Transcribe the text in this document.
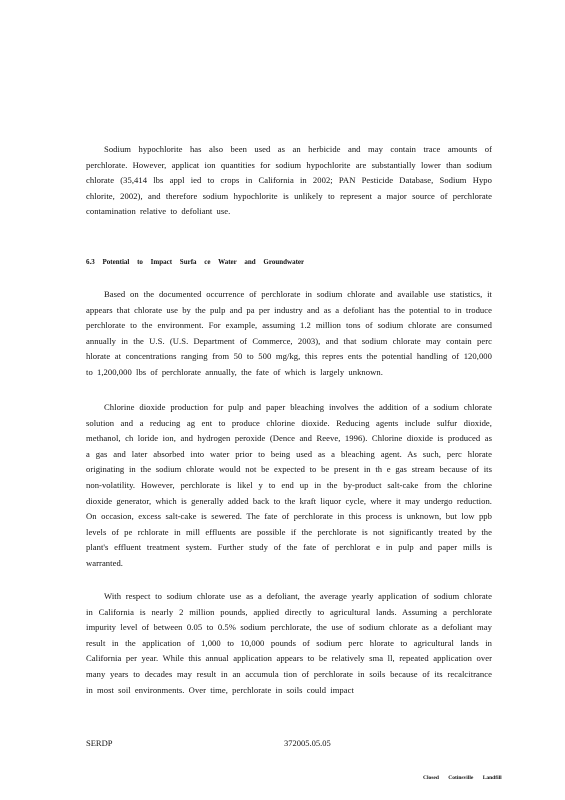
Sodium hypochlorite has also been used as an herbicide and may contain trace amounts of perchlorate. However, applicat ion quantities for sodium hypochlorite are substantially lower than sodium chlorate (35,414 lbs appl ied to crops in California in 2002; PAN Pesticide Database, Sodium Hypo chlorite, 2002), and therefore sodium hypochlorite is unlikely to represent a major source of perchlorate contamination relative to defoliant use.

6.3 Potential to Impact Surfa ce Water and Groundwater

Based on the documented occurrence of perchlorate in sodium chlorate and available use statistics, it appears that chlorate use by the pulp and pa per industry and as a defoliant has the potential to in troduce perchlorate to the environment. For example, assuming 1.2 million tons of sodium chlorate are consumed annually in the U.S. (U.S. Department of Commerce, 2003), and that sodium chlorate may contain perc hlorate at concentrations ranging from 50 to 500 mg/kg, this repres ents the potential handling of 120,000 to 1,200,000 lbs of perchlorate annually, the fate of which is largely unknown.

Chlorine dioxide production for pulp and paper bleaching involves the addition of a sodium chlorate solution and a reducing ag ent to produce chlorine dioxide. Reducing agents include sulfur dioxide, methanol, ch loride ion, and hydrogen peroxide (Dence and Reeve, 1996). Chlorine dioxide is produced as a gas and later absorbed into water prior to being used as a bleaching agent. As such, perc hlorate originating in the sodium chlorate would not be expected to be present in th e gas stream because of its non-volatility. However, perchlorate is likel y to end up in the by-product salt-cake from the chlorine dioxide generator, which is generally added back to the kraft liquor cycle, where it may undergo reduction. On occasion, excess salt-cake is sewered. The fate of perchlorate in this process is unknown, but low ppb levels of pe rchlorate in mill effluents are possible if the perchlorate is not significantly treated by the plant's effluent treatment system. Further study of the fate of perchlorat e in pulp and paper mills is warranted.

With respect to sodium chlorate use as a defoliant, the average yearly application of sodium chlorate in California is nearly 2 million pounds, applied directly to agricultural lands. Assuming a perchlorate impurity level of between 0.05 to 0.5% sodium perchlorate, the use of sodium chlorate as a defoliant may result in the application of 1,000 to 10,000 pounds of sodium perc hlorate to agricultural lands in California per year. While this annual application appears to be relatively sma ll, repeated application over many years to decades may result in an accumula tion of perchlorate in soils because of its recalcitrance in most soil environments. Over time, perchlorate in soils could impact

SERDP	372005.05.05
Closed Cotinsville Landfill
